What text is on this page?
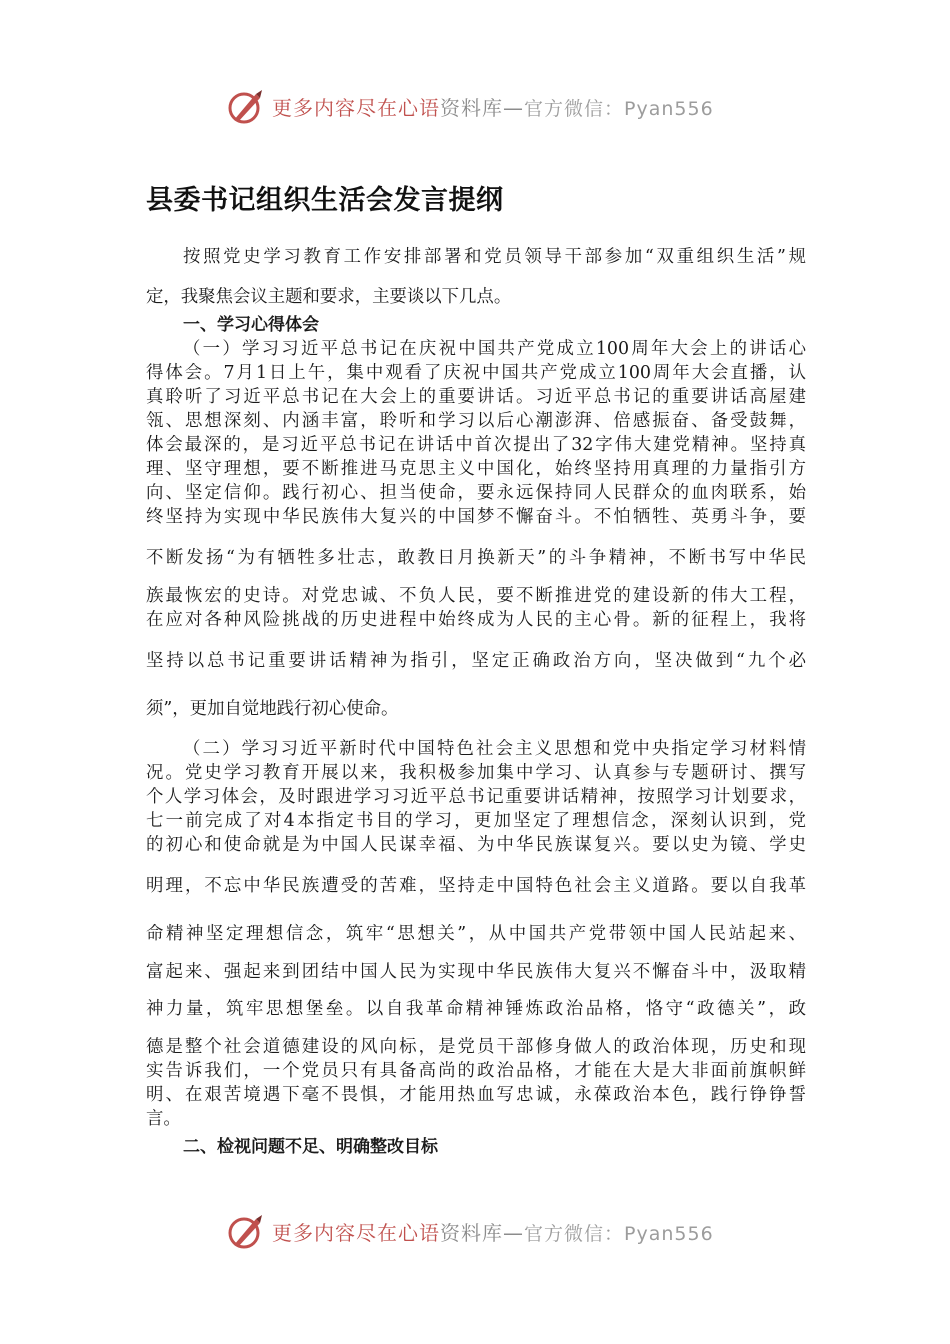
更多内容尽在心语资料库—官方微信：Pyan556
县委书记组织生活会发言提纲

按照党史学习教育工作安排部署和党员领导干部参加“双重组织生活”规

定，我聚焦会议主题和要求，主要谈以下几点。

一、学习心得体会

（一）学习习近平总书记在庆祝中国共产党成立100周年大会上的讲话心

得体会。7月1日上午，集中观看了庆祝中国共产党成立100周年大会直播，认

真聆听了习近平总书记在大会上的重要讲话。习近平总书记的重要讲话高屋建

瓴、思想深刻、内涵丰富，聆听和学习以后心潮澎湃、倍感振奋、备受鼓舞，

体会最深的，是习近平总书记在讲话中首次提出了32字伟大建党精神。坚持真

理、坚守理想，要不断推进马克思主义中国化，始终坚持用真理的力量指引方

向、坚定信仰。践行初心、担当使命，要永远保持同人民群众的血肉联系，始

终坚持为实现中华民族伟大复兴的中国梦不懈奋斗。不怕牺牲、英勇斗争，要

不断发扬“为有牺牲多壮志，敢教日月换新天”的斗争精神，不断书写中华民

族最恢宏的史诗。对党忠诚、不负人民，要不断推进党的建设新的伟大工程，

在应对各种风险挑战的历史进程中始终成为人民的主心骨。新的征程上，我将

坚持以总书记重要讲话精神为指引，坚定正确政治方向，坚决做到“九个必

须”，更加自觉地践行初心使命。

（二）学习习近平新时代中国特色社会主义思想和党中央指定学习材料情

况。党史学习教育开展以来，我积极参加集中学习、认真参与专题研讨、撰写

个人学习体会，及时跟进学习习近平总书记重要讲话精神，按照学习计划要求，

七一前完成了对4本指定书目的学习，更加坚定了理想信念，深刻认识到，党

的初心和使命就是为中国人民谋幸福、为中华民族谋复兴。要以史为镜、学史

明理，不忘中华民族遭受的苦难，坚持走中国特色社会主义道路。要以自我革

命精神坚定理想信念，筑牢“思想关”，从中国共产党带领中国人民站起来、

富起来、强起来到团结中国人民为实现中华民族伟大复兴不懈奋斗中，汲取精

神力量，筑牢思想堡垒。以自我革命精神锤炼政治品格，恪守“政德关”，政

德是整个社会道德建设的风向标，是党员干部修身做人的政治体现，历史和现

实告诉我们，一个党员只有具备高尚的政治品格，才能在大是大非面前旗帜鲜

明、在艰苦境遇下毫不畏惧，才能用热血写忠诚，永葆政治本色，践行铮铮誓

言。

二、检视问题不足、明确整改目标

更多内容尽在心语资料库—官方微信：Pyan556
